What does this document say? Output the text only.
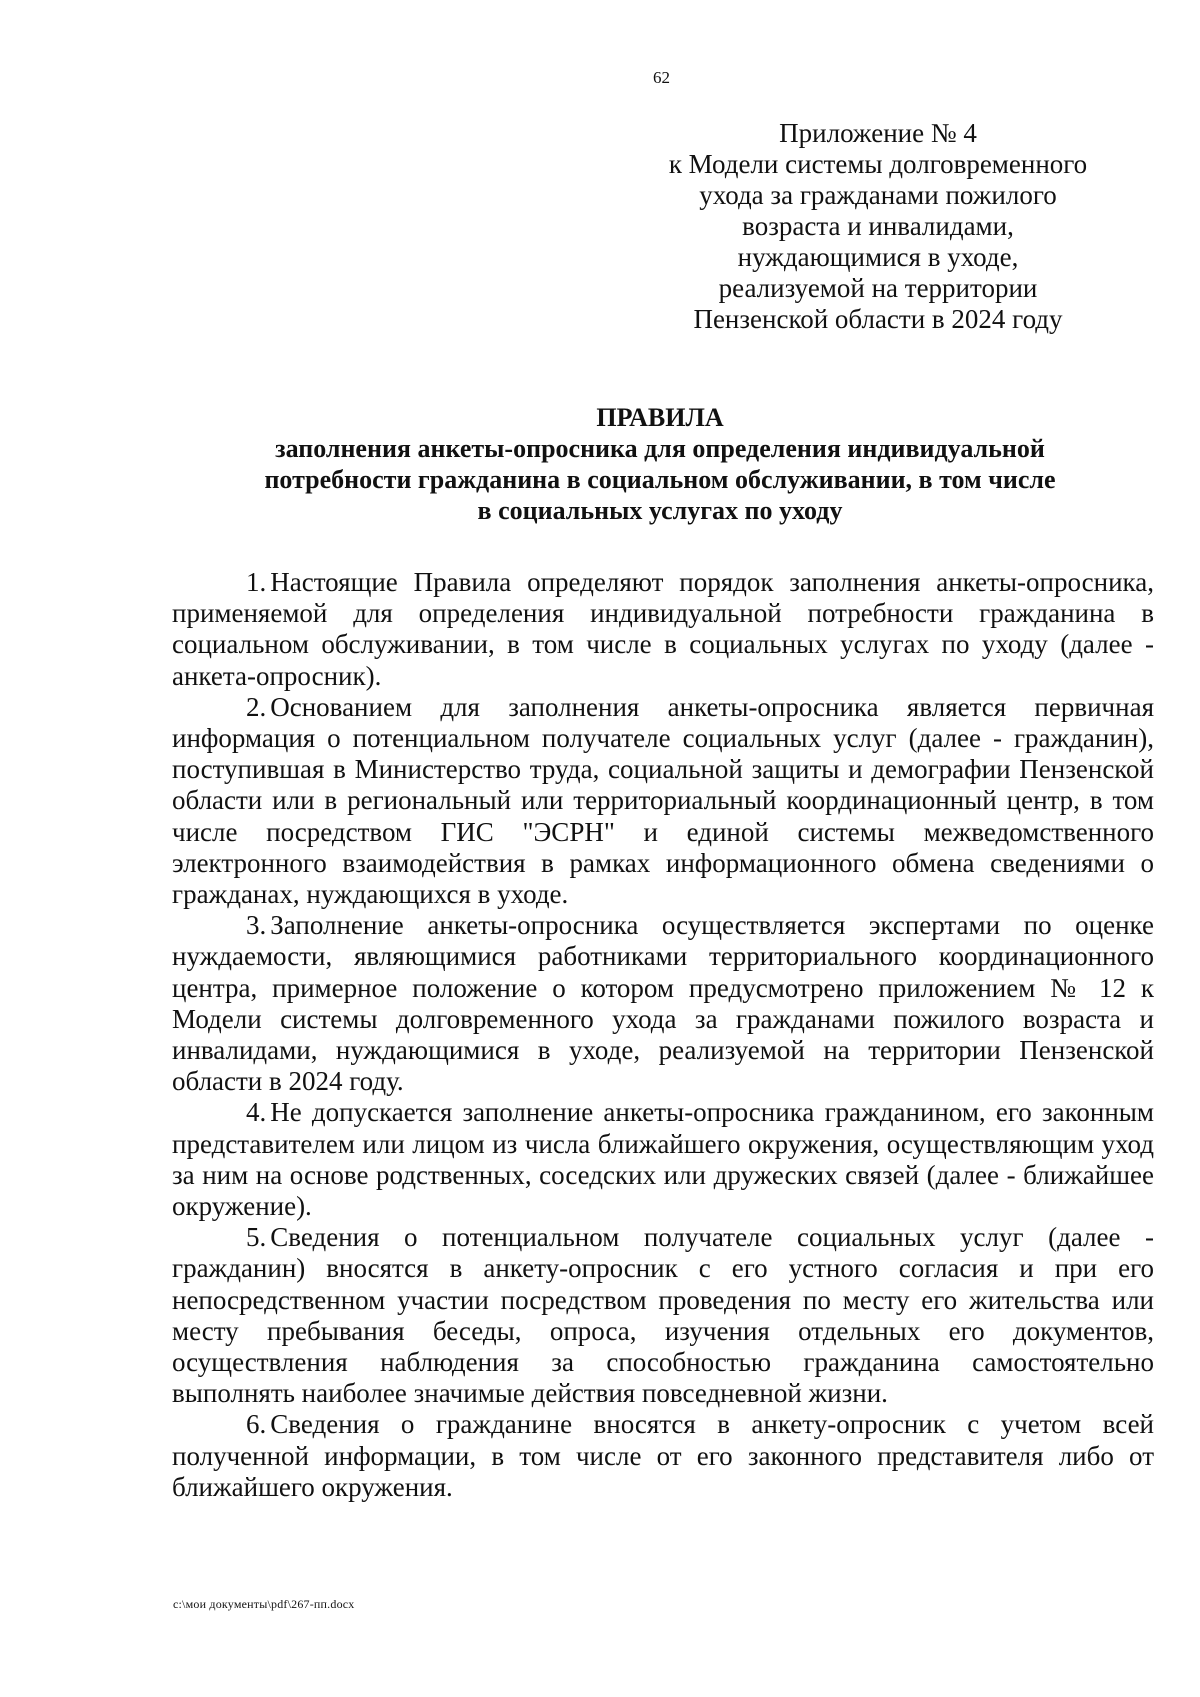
62
Приложение № 4
к Модели системы долговременного
ухода за гражданами пожилого
возраста и инвалидами,
нуждающимися в уходе,
реализуемой на территории
Пензенской области в 2024 году
ПРАВИЛА
заполнения анкеты-опросника для определения индивидуальной
потребности гражданина в социальном обслуживании, в том числе
в социальных услугах по уходу

1. Настоящие Правила определяют порядок заполнения анкеты-опросника, применяемой для определения индивидуальной потребности гражданина в социальном обслуживании, в том числе в социальных услугах по уходу (далее - анкета-опросник).

2. Основанием для заполнения анкеты-опросника является первичная информация о потенциальном получателе социальных услуг (далее - гражданин), поступившая в Министерство труда, социальной защиты и демографии Пензенской области или в региональный или территориальный координационный центр, в том числе посредством ГИС "ЭСРН" и единой системы межведомственного электронного взаимодействия в рамках информационного обмена сведениями о гражданах, нуждающихся в уходе.

3. Заполнение анкеты-опросника осуществляется экспертами по оценке нуждаемости, являющимися работниками территориального координационного центра, примерное положение о котором предусмотрено приложением № 12 к Модели системы долговременного ухода за гражданами пожилого возраста и инвалидами, нуждающимися в уходе, реализуемой на территории Пензенской области в 2024 году.

4. Не допускается заполнение анкеты-опросника гражданином, его законным представителем или лицом из числа ближайшего окружения, осуществляющим уход за ним на основе родственных, соседских или дружеских связей (далее - ближайшее окружение).

5. Сведения о потенциальном получателе социальных услуг (далее - гражданин) вносятся в анкету-опросник с его устного согласия и при его непосредственном участии посредством проведения по месту его жительства или месту пребывания беседы, опроса, изучения отдельных его документов, осуществления наблюдения за способностью гражданина самостоятельно выполнять наиболее значимые действия повседневной жизни.

6. Сведения о гражданине вносятся в анкету-опросник с учетом всей полученной информации, в том числе от его законного представителя либо от ближайшего окружения.

c:\мои документы\pdf\267-пп.docx
